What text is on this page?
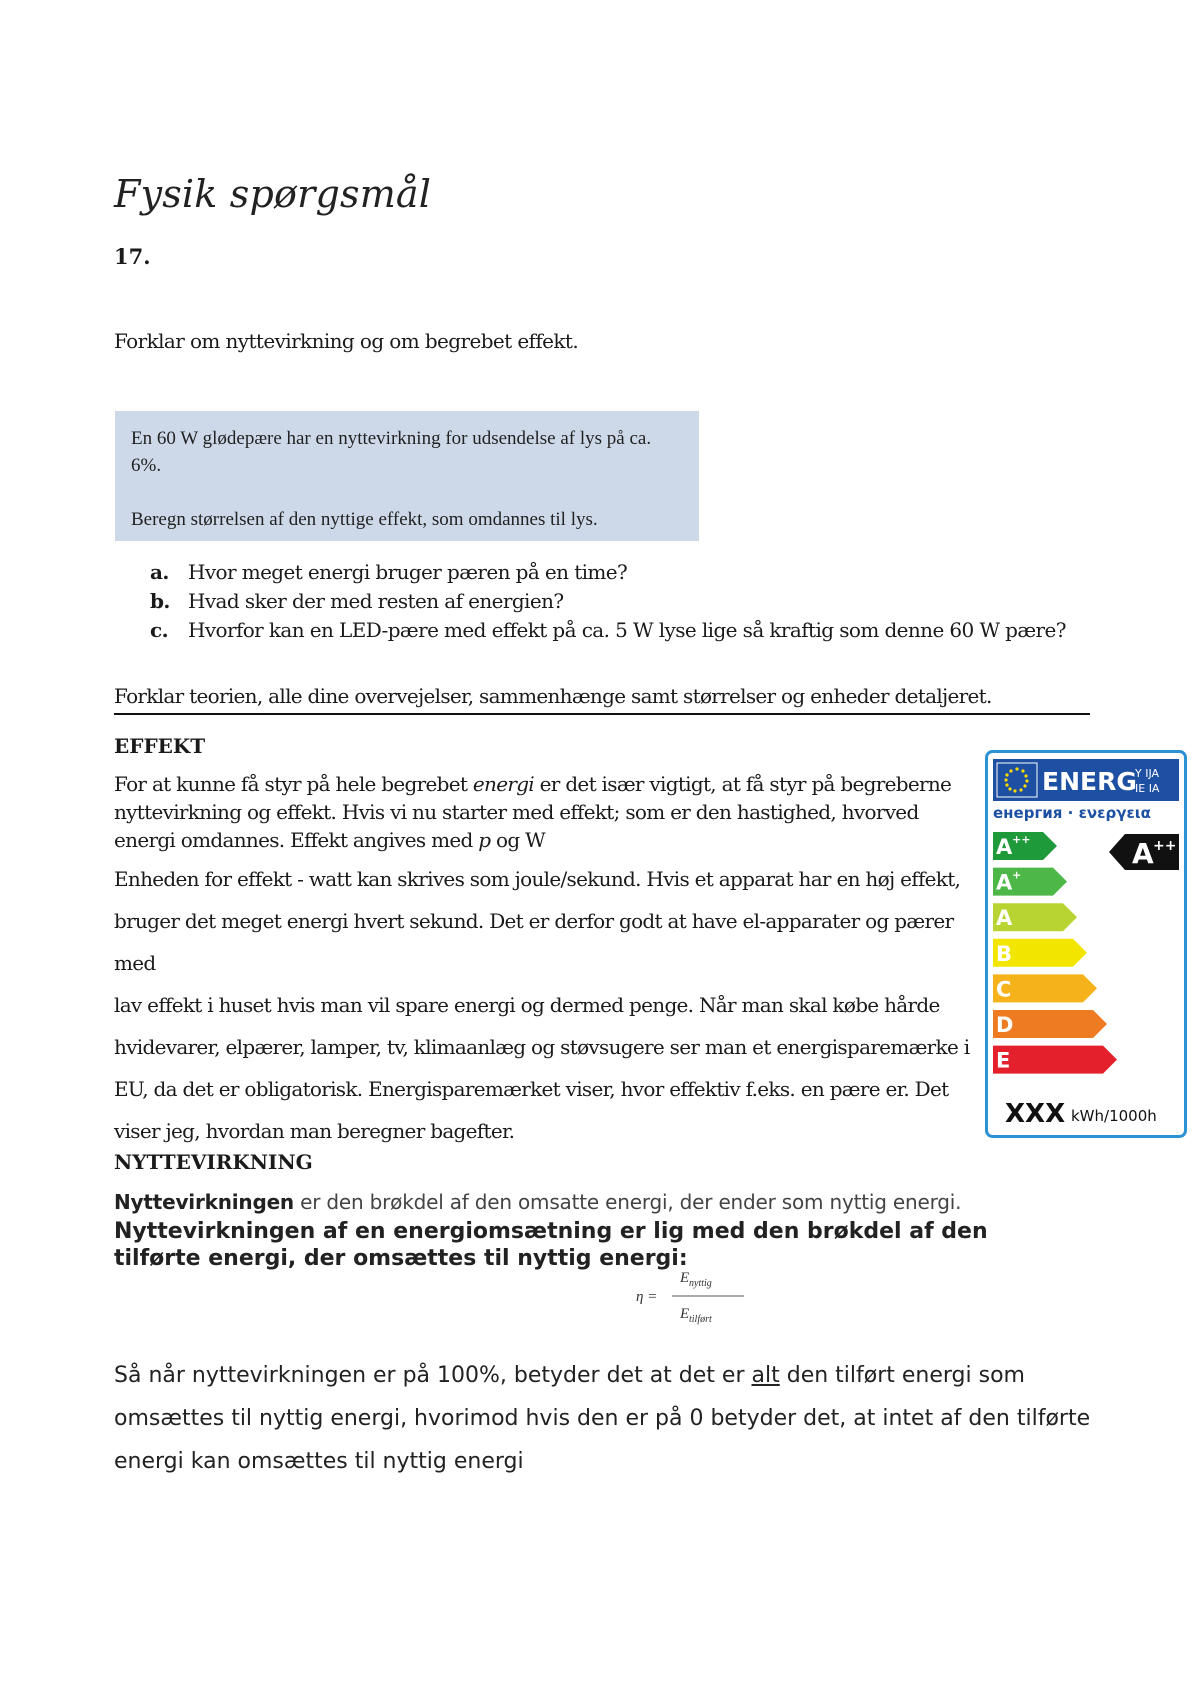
Fysik spørgsmål
17.
Forklar om nyttevirkning og om begrebet effekt.

En 60 W glødepære har en nyttevirkning for udsendelse af lys på ca. 6%.

Beregn størrelsen af den nyttige effekt, som omdannes til lys.

a. Hvor meget energi bruger pæren på en time?
b. Hvad sker der med resten af energien?
c.	Hvorfor kan en LED-pære med effekt på ca. 5 W lyse lige så kraftig som denne 60 W pære?
Forklar teorien, alle dine overvejelser, sammenhænge samt størrelser og enheder detaljeret.
EFFEKT
For at kunne få styr på hele begrebet energi er det især vigtigt, at få styr på begreberne nyttevirkning og effekt. Hvis vi nu starter med effekt; som er den hastighed, hvorved energi omdannes. Effekt angives med p og W
Enheden for effekt - watt kan skrives som joule/sekund. Hvis et apparat har en høj effekt, bruger det meget energi hvert sekund. Det er derfor godt at have el-apparater og pærer med
lav effekt i huset hvis man vil spare energi og dermed penge. Når man skal købe hårde hvidevarer, elpærer, lamper, tv, klimaanlæg og støvsugere ser man et energisparemærke i EU, da det er obligatorisk. Energisparemærket viser, hvor effektiv f.eks. en pære er. Det viser jeg, hvordan man beregner bagefter.
ENERG
Y IJA
IE IA
енергия · ενεργεια
A ++
A +
A
B
C
D
E
A ++
XXX kWh/1000h
NYTTEVIRKNING
Nyttevirkningen er den brøkdel af den omsatte energi, der ender som nyttig energi.
Nyttevirkningen af en energiomsætning er lig med den brøkdel af den tilførte energi, der omsættes til nyttig energi:
η =
E nyttig
E tilført
Så når nyttevirkningen er på 100%, betyder det at det er alt den tilført energi som omsættes til nyttig energi, hvorimod hvis den er på 0 betyder det, at intet af den tilførte energi kan omsættes til nyttig energi
